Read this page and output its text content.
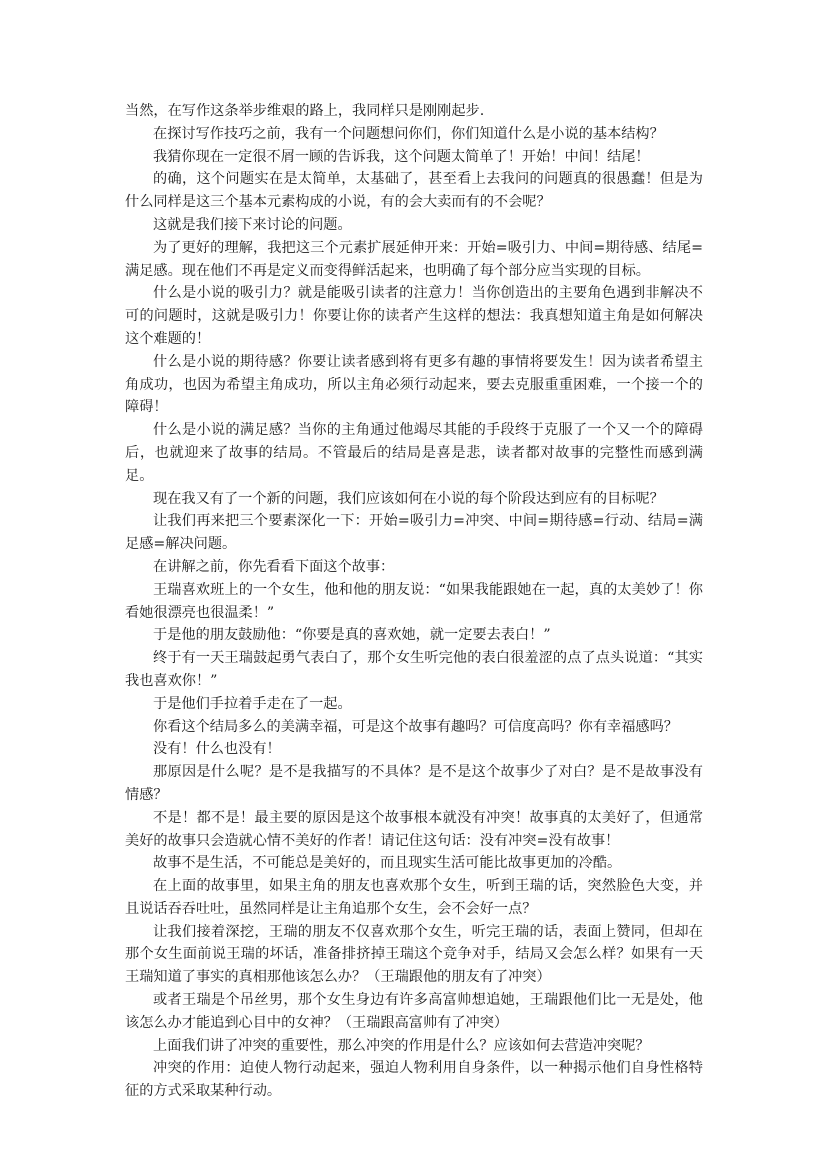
当然，在写作这条举步维艰的路上，我同样只是刚刚起步.

在探讨写作技巧之前，我有一个问题想问你们，你们知道什么是小说的基本结构？

我猜你现在一定很不屑一顾的告诉我，这个问题太简单了！开始！中间！结尾！

的确，这个问题实在是太简单，太基础了，甚至看上去我问的问题真的很愚蠢！但是为什么同样是这三个基本元素构成的小说，有的会大卖而有的不会呢？

这就是我们接下来讨论的问题。

为了更好的理解，我把这三个元素扩展延伸开来：开始=吸引力、中间=期待感、结尾=满足感。现在他们不再是定义而变得鲜活起来，也明确了每个部分应当实现的目标。

什么是小说的吸引力？就是能吸引读者的注意力！当你创造出的主要角色遇到非解决不可的问题时，这就是吸引力！你要让你的读者产生这样的想法：我真想知道主角是如何解决这个难题的！

什么是小说的期待感？你要让读者感到将有更多有趣的事情将要发生！因为读者希望主角成功，也因为希望主角成功，所以主角必须行动起来，要去克服重重困难，一个接一个的障碍！

什么是小说的满足感？当你的主角通过他竭尽其能的手段终于克服了一个又一个的障碍后，也就迎来了故事的结局。不管最后的结局是喜是悲，读者都对故事的完整性而感到满足。

现在我又有了一个新的问题，我们应该如何在小说的每个阶段达到应有的目标呢？

让我们再来把三个要素深化一下：开始=吸引力=冲突、中间=期待感=行动、结局=满足感=解决问题。

在讲解之前，你先看看下面这个故事：

王瑞喜欢班上的一个女生，他和他的朋友说：“如果我能跟她在一起，真的太美妙了！你看她很漂亮也很温柔！”

于是他的朋友鼓励他：“你要是真的喜欢她，就一定要去表白！”

终于有一天王瑞鼓起勇气表白了，那个女生听完他的表白很羞涩的点了点头说道：“其实我也喜欢你！”

于是他们手拉着手走在了一起。

你看这个结局多么的美满幸福，可是这个故事有趣吗？可信度高吗？你有幸福感吗？

没有！什么也没有！

那原因是什么呢？是不是我描写的不具体？是不是这个故事少了对白？是不是故事没有情感？

不是！都不是！最主要的原因是这个故事根本就没有冲突！故事真的太美好了，但通常美好的故事只会造就心情不美好的作者！请记住这句话：没有冲突=没有故事！

故事不是生活，不可能总是美好的，而且现实生活可能比故事更加的冷酷。

在上面的故事里，如果主角的朋友也喜欢那个女生，听到王瑞的话，突然脸色大变，并且说话吞吞吐吐，虽然同样是让主角追那个女生，会不会好一点？

让我们接着深挖，王瑞的朋友不仅喜欢那个女生，听完王瑞的话，表面上赞同，但却在那个女生面前说王瑞的坏话，准备排挤掉王瑞这个竞争对手，结局又会怎么样？如果有一天王瑞知道了事实的真相那他该怎么办？（王瑞跟他的朋友有了冲突）

或者王瑞是个吊丝男，那个女生身边有许多高富帅想追她，王瑞跟他们比一无是处，他该怎么办才能追到心目中的女神？（王瑞跟高富帅有了冲突）

上面我们讲了冲突的重要性，那么冲突的作用是什么？应该如何去营造冲突呢？

冲突的作用：迫使人物行动起来，强迫人物利用自身条件，以一种揭示他们自身性格特征的方式采取某种行动。
